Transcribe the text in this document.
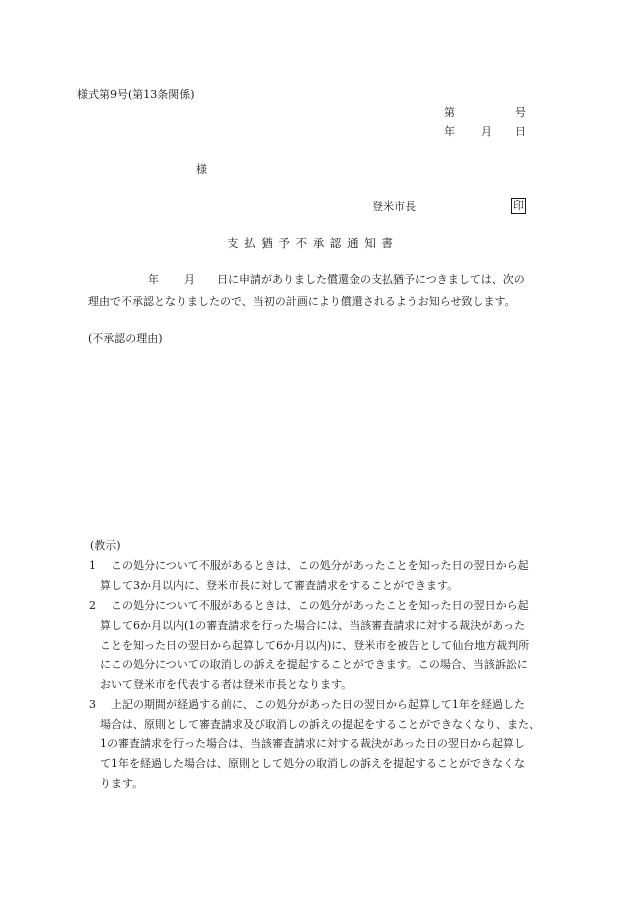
様式第9号(第13条関係)
第	号
年 月 日
様
登米市長	印
支 払 猶 予 不 承 認 通 知 書
年 月 日に申請がありました償還金の支払猶予につきましては、次の
理由で不承認となりましたので、当初の計画により償還されるようお知らせ致します。
(不承認の理由)
(教示)
1 この処分について不服があるときは、この処分があったことを知った日の翌日から起
算して3か月以内に、登米市長に対して審査請求をすることができます。
2 この処分について不服があるときは、この処分があったことを知った日の翌日から起
算して6か月以内(1の審査請求を行った場合には、当該審査請求に対する裁決があった
ことを知った日の翌日から起算して6か月以内)に、登米市を被告として仙台地方裁判所
にこの処分についての取消しの訴えを提起することができます。この場合、当該訴訟に
おいて登米市を代表する者は登米市長となります。
3 上記の期間が経過する前に、この処分があった日の翌日から起算して1年を経過した
場合は、原則として審査請求及び取消しの訴えの提起をすることができなくなり、また、
1の審査請求を行った場合は、当該審査請求に対する裁決があった日の翌日から起算し
て1年を経過した場合は、原則として処分の取消しの訴えを提起することができなくな
ります。
